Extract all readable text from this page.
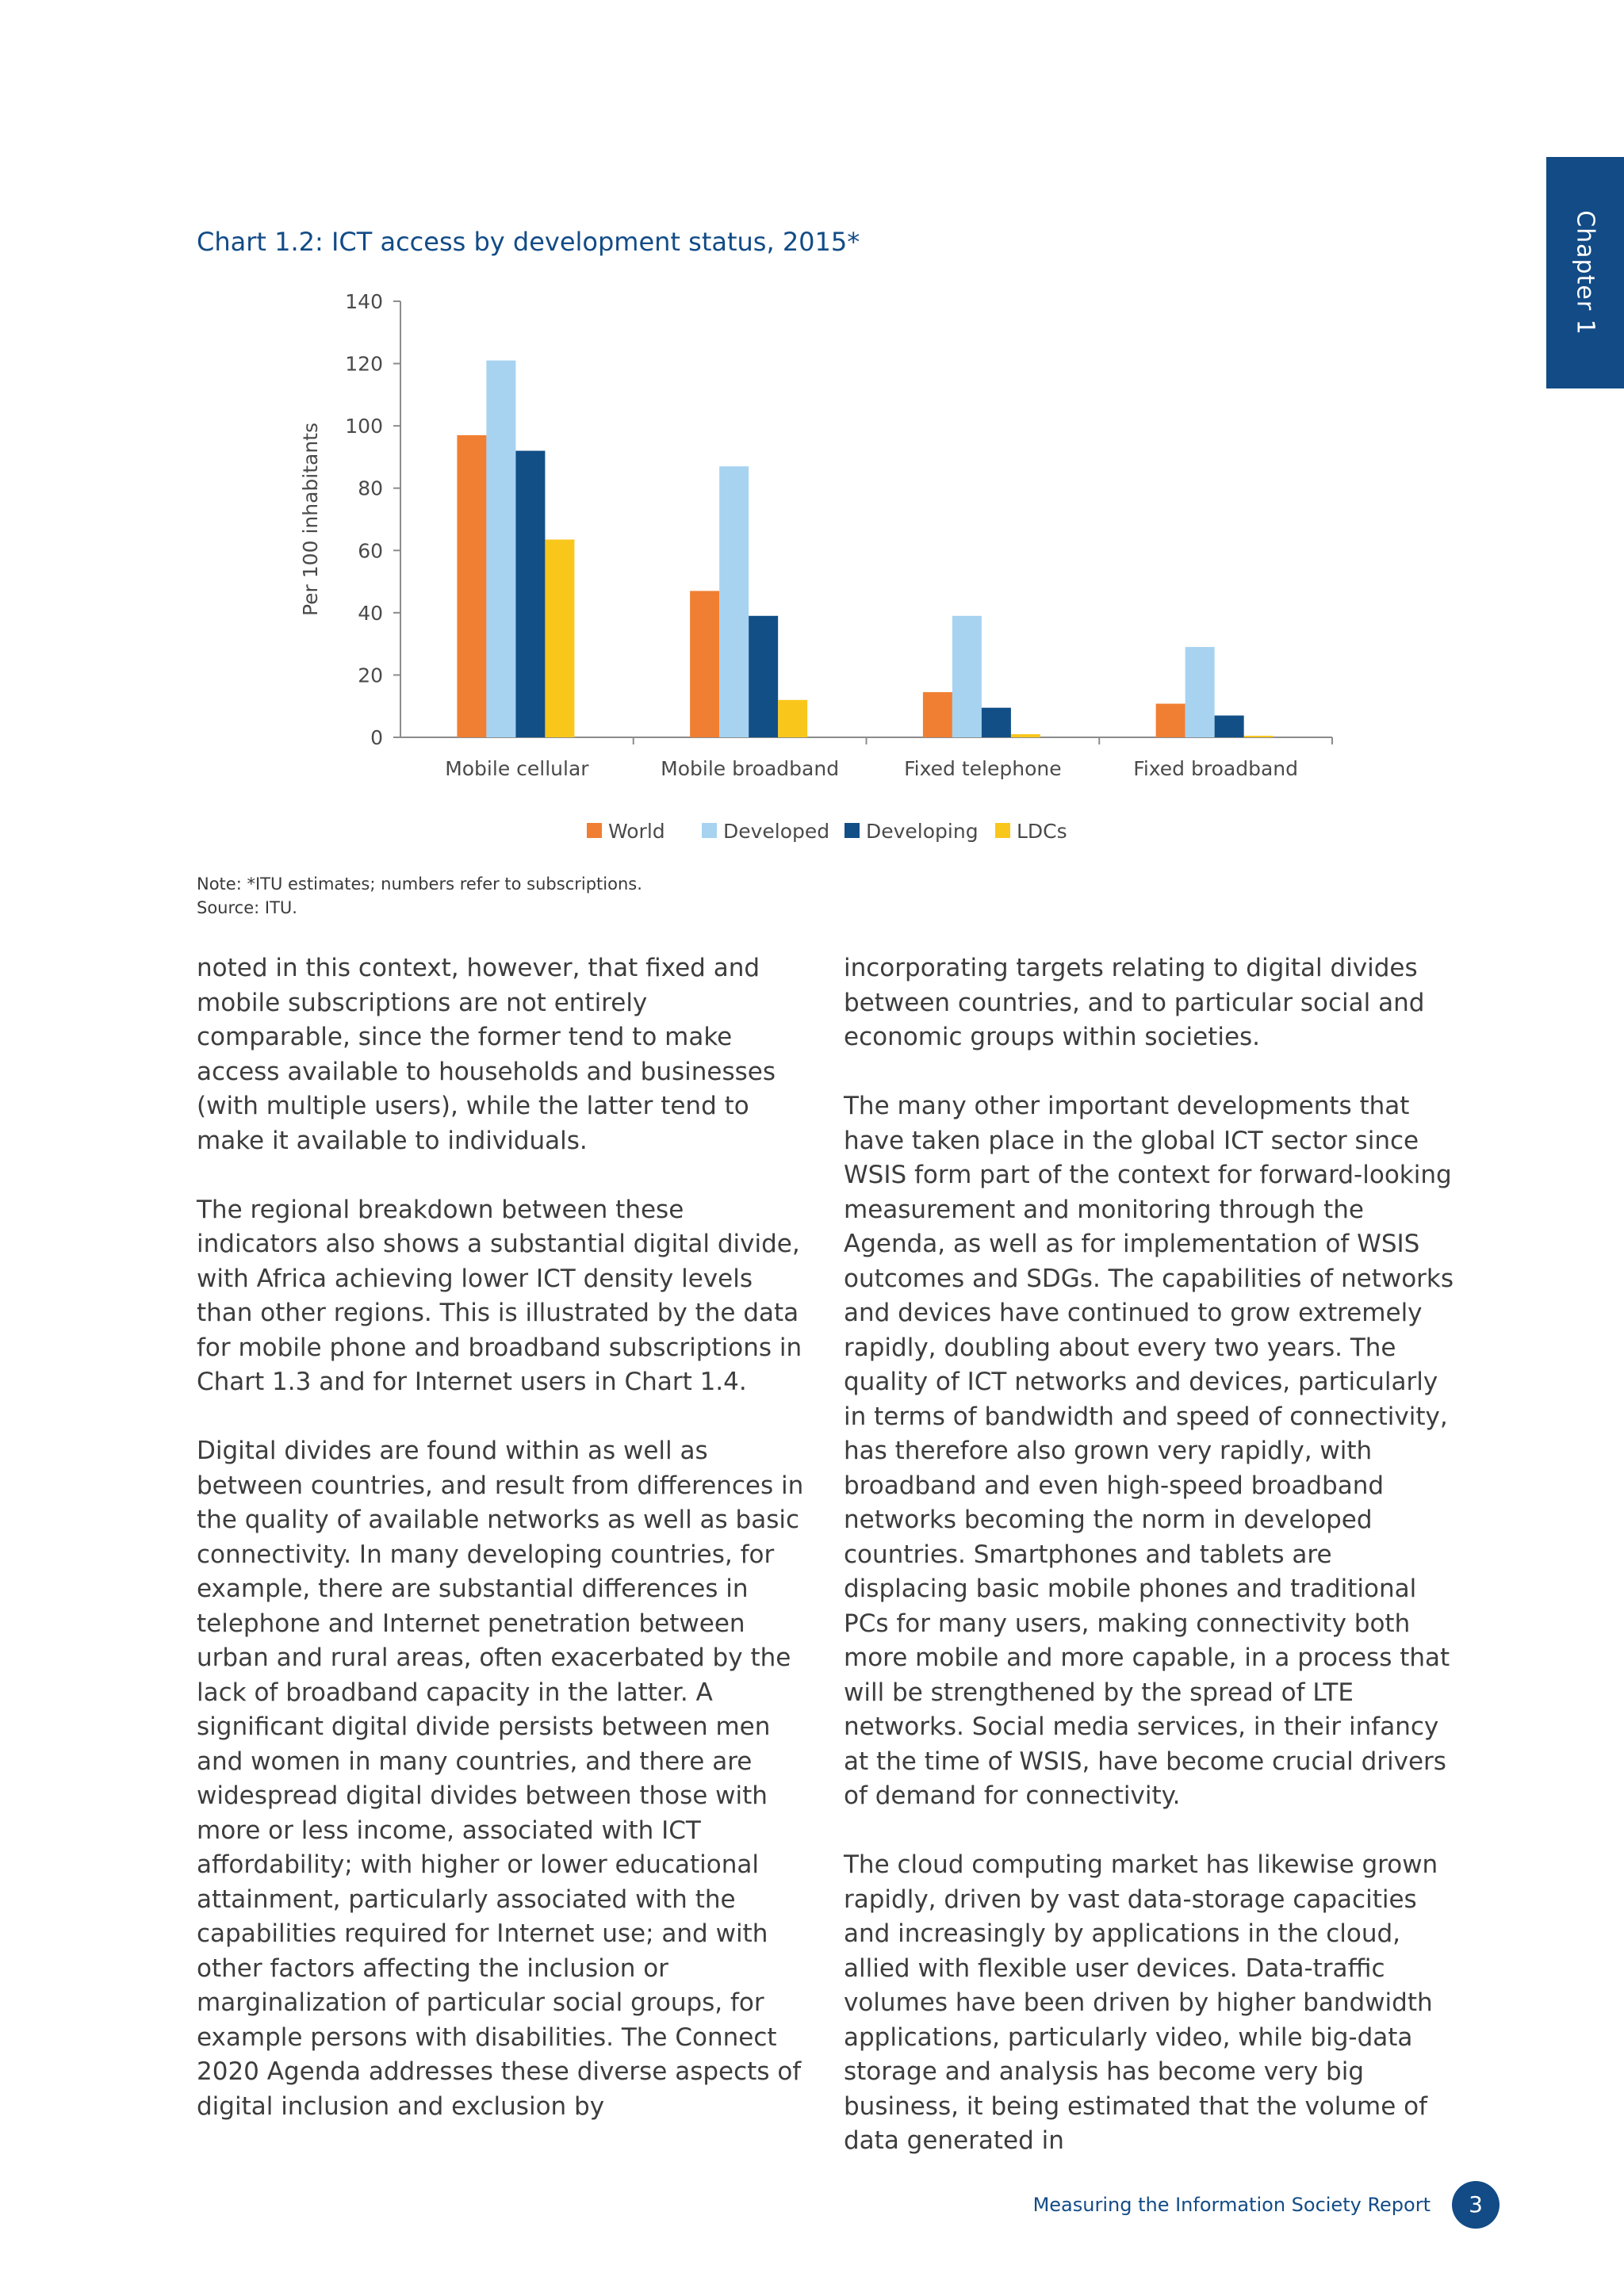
Chapter 1
Chart 1.2: ICT access by development status, 2015*
0
20
40
60
80
100
120
140
Per 100 inhabitants
Mobile cellular	Mobile broadband	Fixed telephone	Fixed broadband
World	Developed Developing LDCs
Note: *ITU estimates; numbers refer to subscriptions.
Source: ITU.

noted in this context, however, that fixed and mobile subscriptions are not entirely comparable, since the former tend to make access available to households and businesses (with multiple users), while the latter tend to make it available to individuals.

The regional breakdown between these indicators also shows a substantial digital divide, with Africa achieving lower ICT density levels than other regions. This is illustrated by the data for mobile phone and broadband subscriptions in Chart 1.3 and for Internet users in Chart 1.4.

Digital divides are found within as well as between countries, and result from differences in the quality of available networks as well as basic connectivity. In many developing countries, for example, there are substantial differences in telephone and Internet penetration between urban and rural areas, often exacerbated by the lack of broadband capacity in the latter. A significant digital divide persists between men and women in many countries, and there are widespread digital divides between those with more or less income, associated with ICT affordability; with higher or lower educational attainment, particularly associated with the capabilities required for Internet use; and with other factors affecting the inclusion or marginalization of particular social groups, for example persons with disabilities. The Connect 2020 Agenda addresses these diverse aspects of digital inclusion and exclusion by

incorporating targets relating to digital divides between countries, and to particular social and economic groups within societies.

The many other important developments that have taken place in the global ICT sector since WSIS form part of the context for forward-looking measurement and monitoring through the Agenda, as well as for implementation of WSIS outcomes and SDGs. The capabilities of networks and devices have continued to grow extremely rapidly, doubling about every two years. The quality of ICT networks and devices, particularly in terms of bandwidth and speed of connectivity, has therefore also grown very rapidly, with broadband and even high-speed broadband networks becoming the norm in developed countries. Smartphones and tablets are displacing basic mobile phones and traditional PCs for many users, making connectivity both more mobile and more capable, in a process that will be strengthened by the spread of LTE networks. Social media services, in their infancy at the time of WSIS, have become crucial drivers of demand for connectivity.

The cloud computing market has likewise grown rapidly, driven by vast data-storage capacities and increasingly by applications in the cloud, allied with flexible user devices. Data-traffic volumes have been driven by higher bandwidth applications, particularly video, while big-data storage and analysis has become very big business, it being estimated that the volume of data generated in

Measuring the Information Society Report	3
